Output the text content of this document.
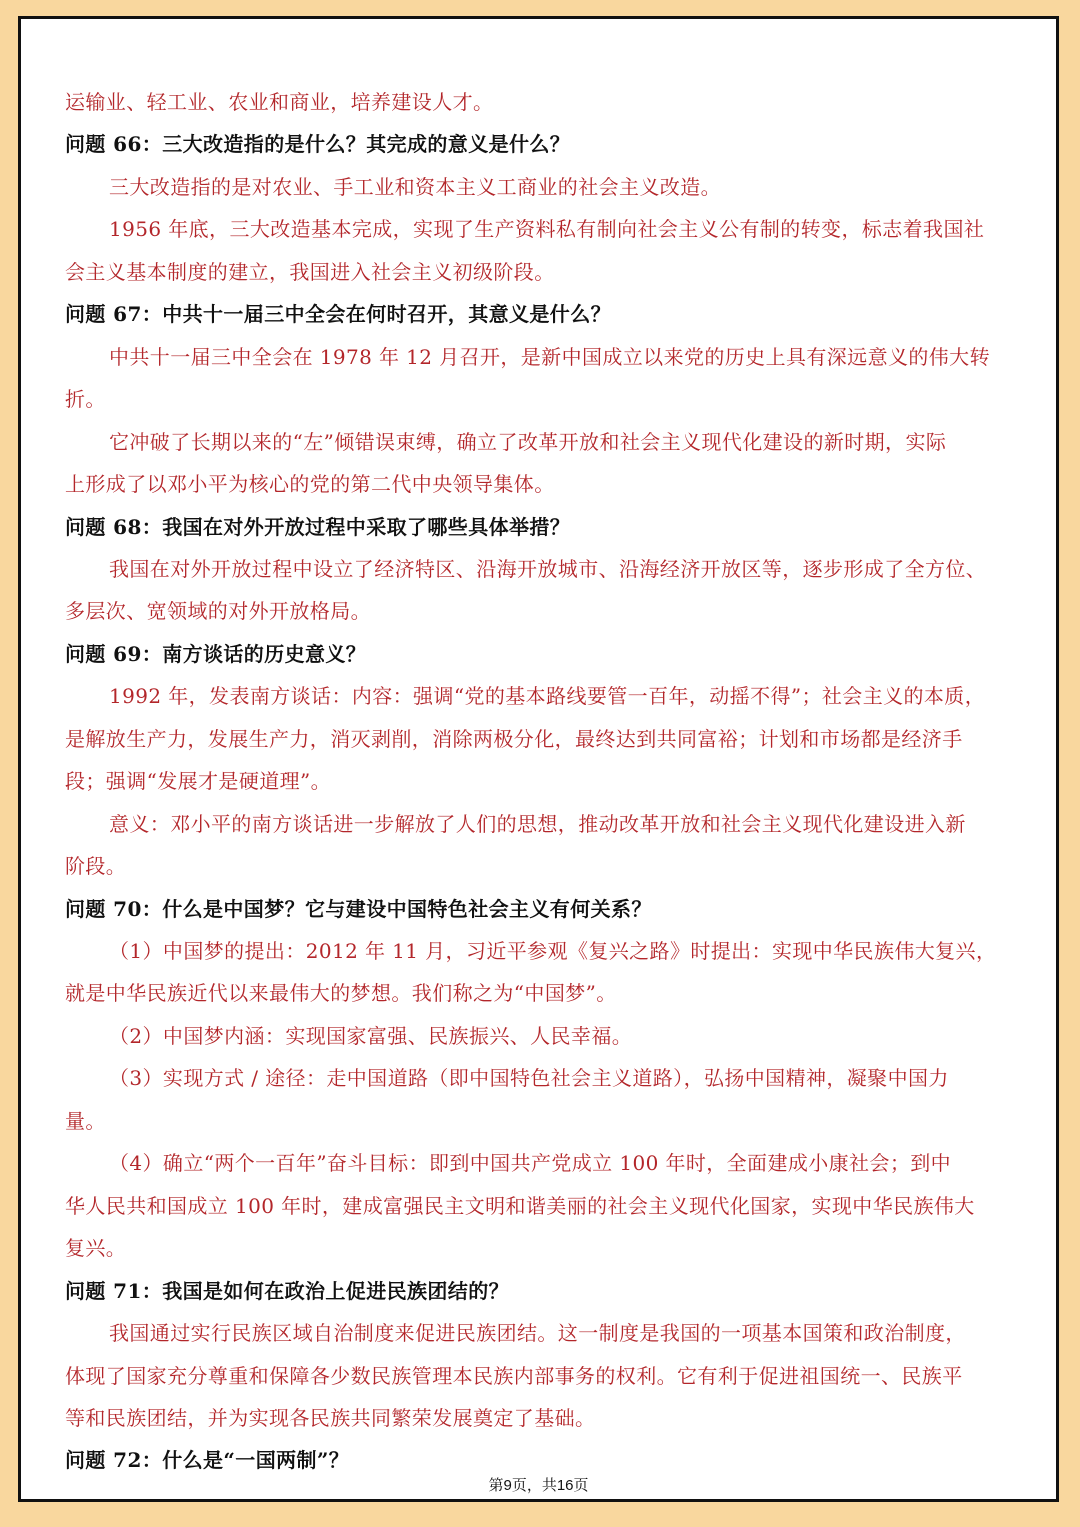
运输业、轻工业、农业和商业，培养建设人才。
问题 66：三大改造指的是什么？其完成的意义是什么？
三大改造指的是对农业、手工业和资本主义工商业的社会主义改造。
1956 年底，三大改造基本完成，实现了生产资料私有制向社会主义公有制的转变，标志着我国社
会主义基本制度的建立，我国进入社会主义初级阶段。
问题 67：中共十一届三中全会在何时召开，其意义是什么？
中共十一届三中全会在 1978 年 12 月召开，是新中国成立以来党的历史上具有深远意义的伟大转
折。
它冲破了长期以来的“左”倾错误束缚，确立了改革开放和社会主义现代化建设的新时期，实际
上形成了以邓小平为核心的党的第二代中央领导集体。
问题 68：我国在对外开放过程中采取了哪些具体举措？
我国在对外开放过程中设立了经济特区、沿海开放城市、沿海经济开放区等，逐步形成了全方位、
多层次、宽领域的对外开放格局。
问题 69：南方谈话的历史意义？
1992 年，发表南方谈话：内容：强调“党的基本路线要管一百年，动摇不得”；社会主义的本质，
是解放生产力，发展生产力，消灭剥削，消除两极分化，最终达到共同富裕；计划和市场都是经济手
段；强调“发展才是硬道理”。
意义：邓小平的南方谈话进一步解放了人们的思想，推动改革开放和社会主义现代化建设进入新
阶段。
问题 70：什么是中国梦？它与建设中国特色社会主义有何关系？
（1）中国梦的提出：2012 年 11 月，习近平参观《复兴之路》时提出：实现中华民族伟大复兴，
就是中华民族近代以来最伟大的梦想。我们称之为“中国梦”。
（2）中国梦内涵：实现国家富强、民族振兴、人民幸福。
（3）实现方式 / 途径：走中国道路（即中国特色社会主义道路），弘扬中国精神，凝聚中国力
量。
（4）确立“两个一百年”奋斗目标：即到中国共产党成立 100 年时，全面建成小康社会；到中
华人民共和国成立 100 年时，建成富强民主文明和谐美丽的社会主义现代化国家，实现中华民族伟大
复兴。
问题 71：我国是如何在政治上促进民族团结的？
我国通过实行民族区域自治制度来促进民族团结。这一制度是我国的一项基本国策和政治制度，
体现了国家充分尊重和保障各少数民族管理本民族内部事务的权利。它有利于促进祖国统一、民族平
等和民族团结，并为实现各民族共同繁荣发展奠定了基础。
问题 72：什么是“一国两制”？
第9页，共16页
